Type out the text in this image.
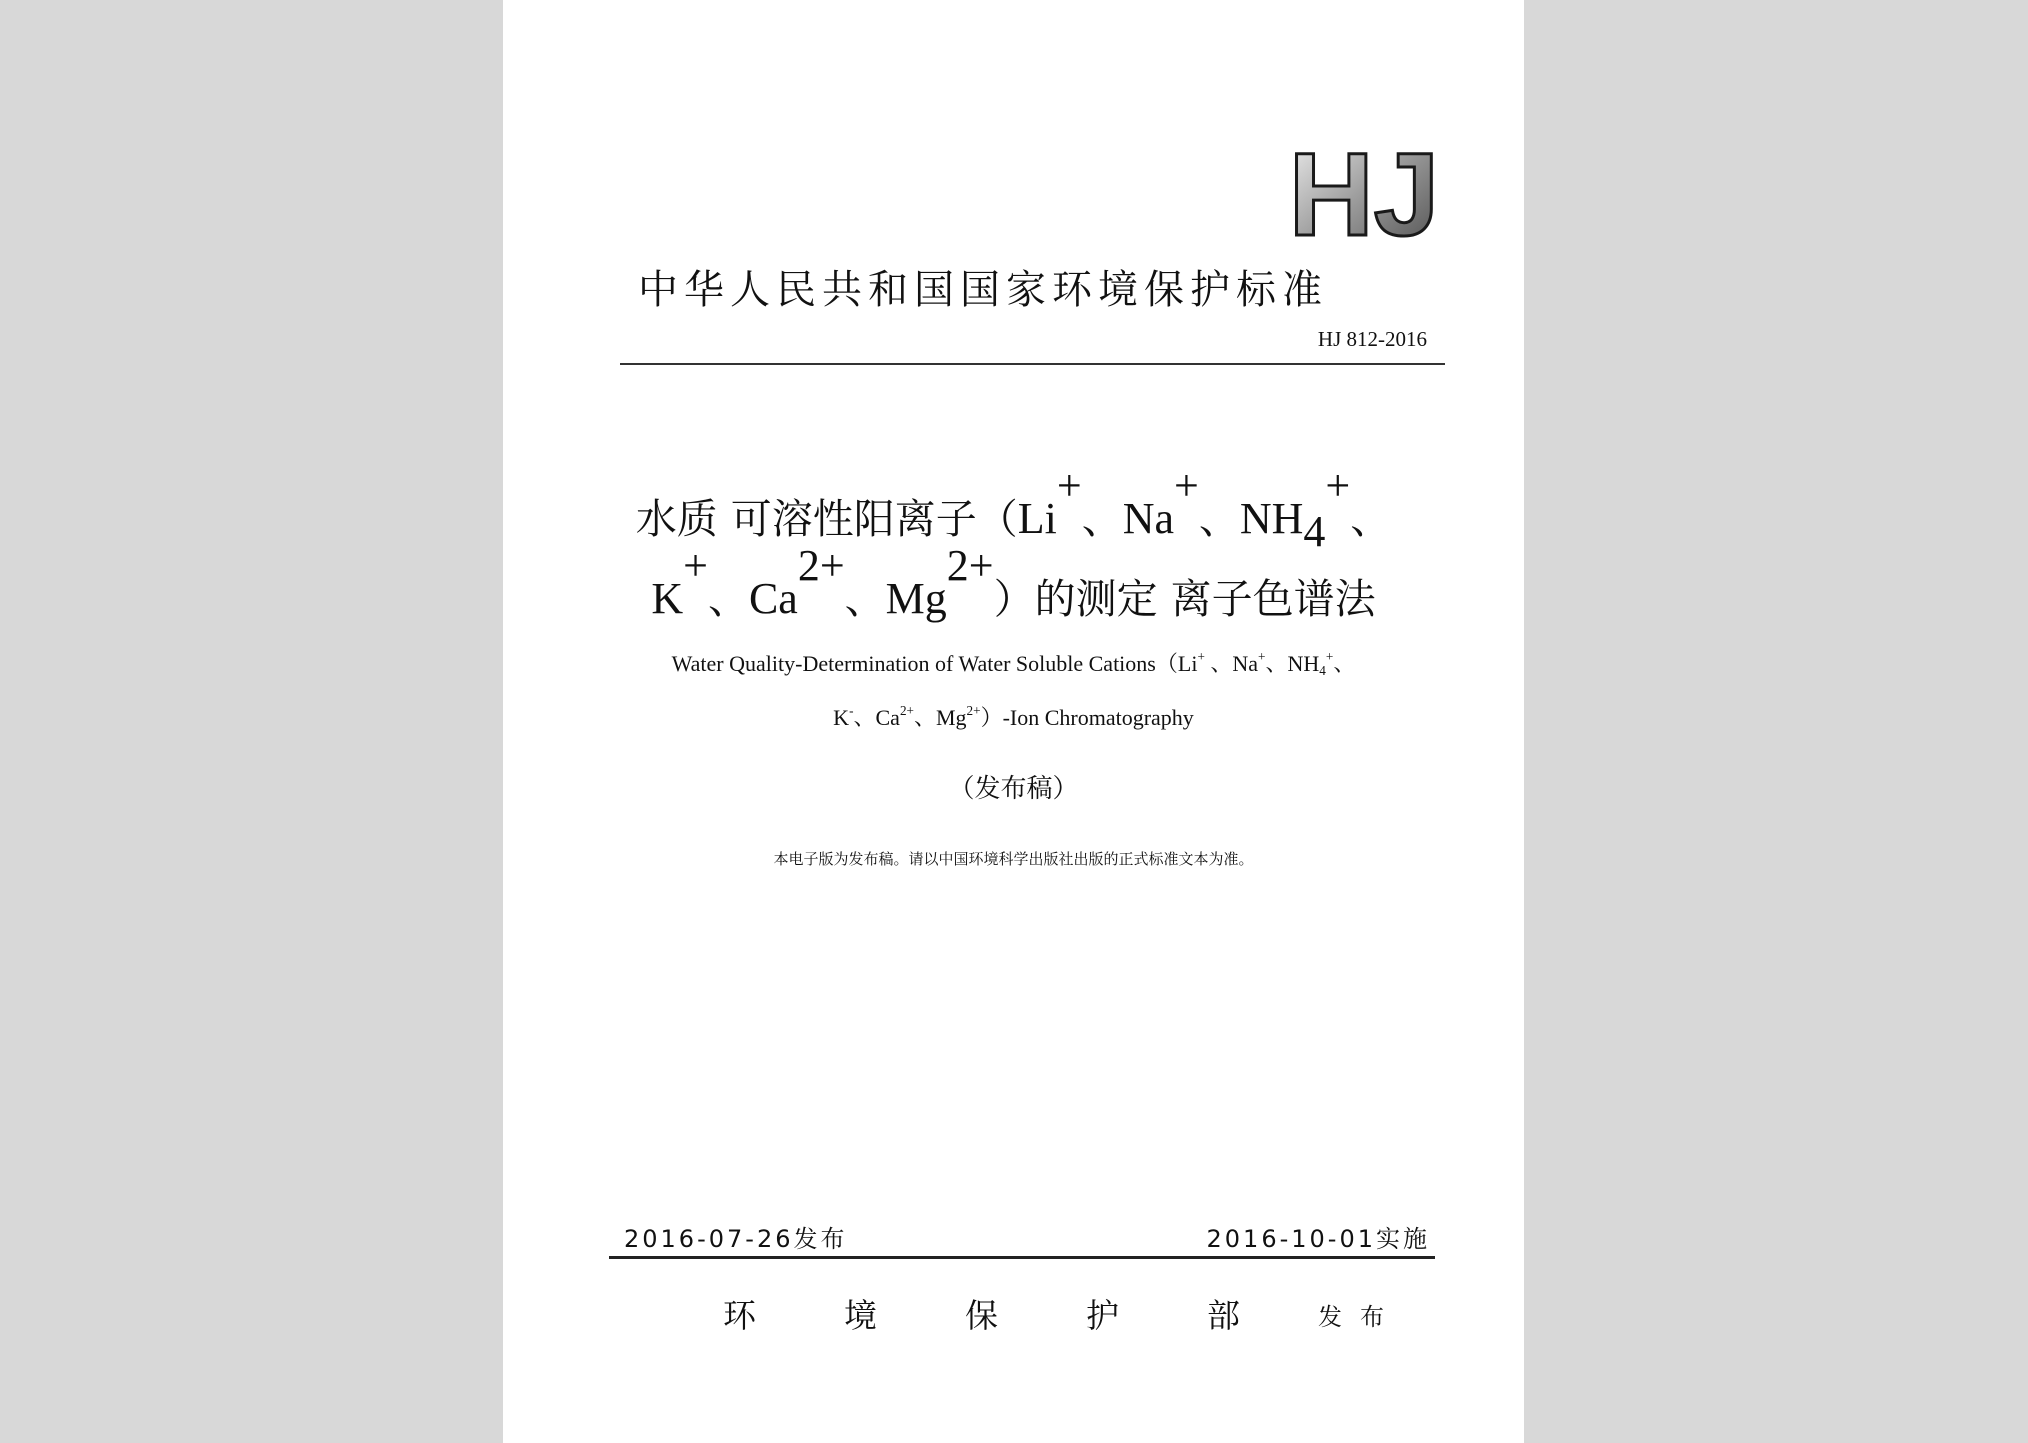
HJ
中华人民共和国国家环境保护标准
HJ 812-2016
水质 可溶性阳离子（Li+、Na+、$NH_4^+$、
K+、$Ca^{2+}$、$Mg^{2+}$）的测定 离子色谱法
Water Quality-Determination of Water Soluble Cations（Li+ 、Na+、$NH_4^+$、
K-、$Ca^{2+}$、$Mg^{2+}$）-Ion Chromatography
（发布稿）
本电子版为发布稿。请以中国环境科学出版社出版的正式标准文本为准。
2016-07-26发布	2016-10-01实施
环境保护部
发布
